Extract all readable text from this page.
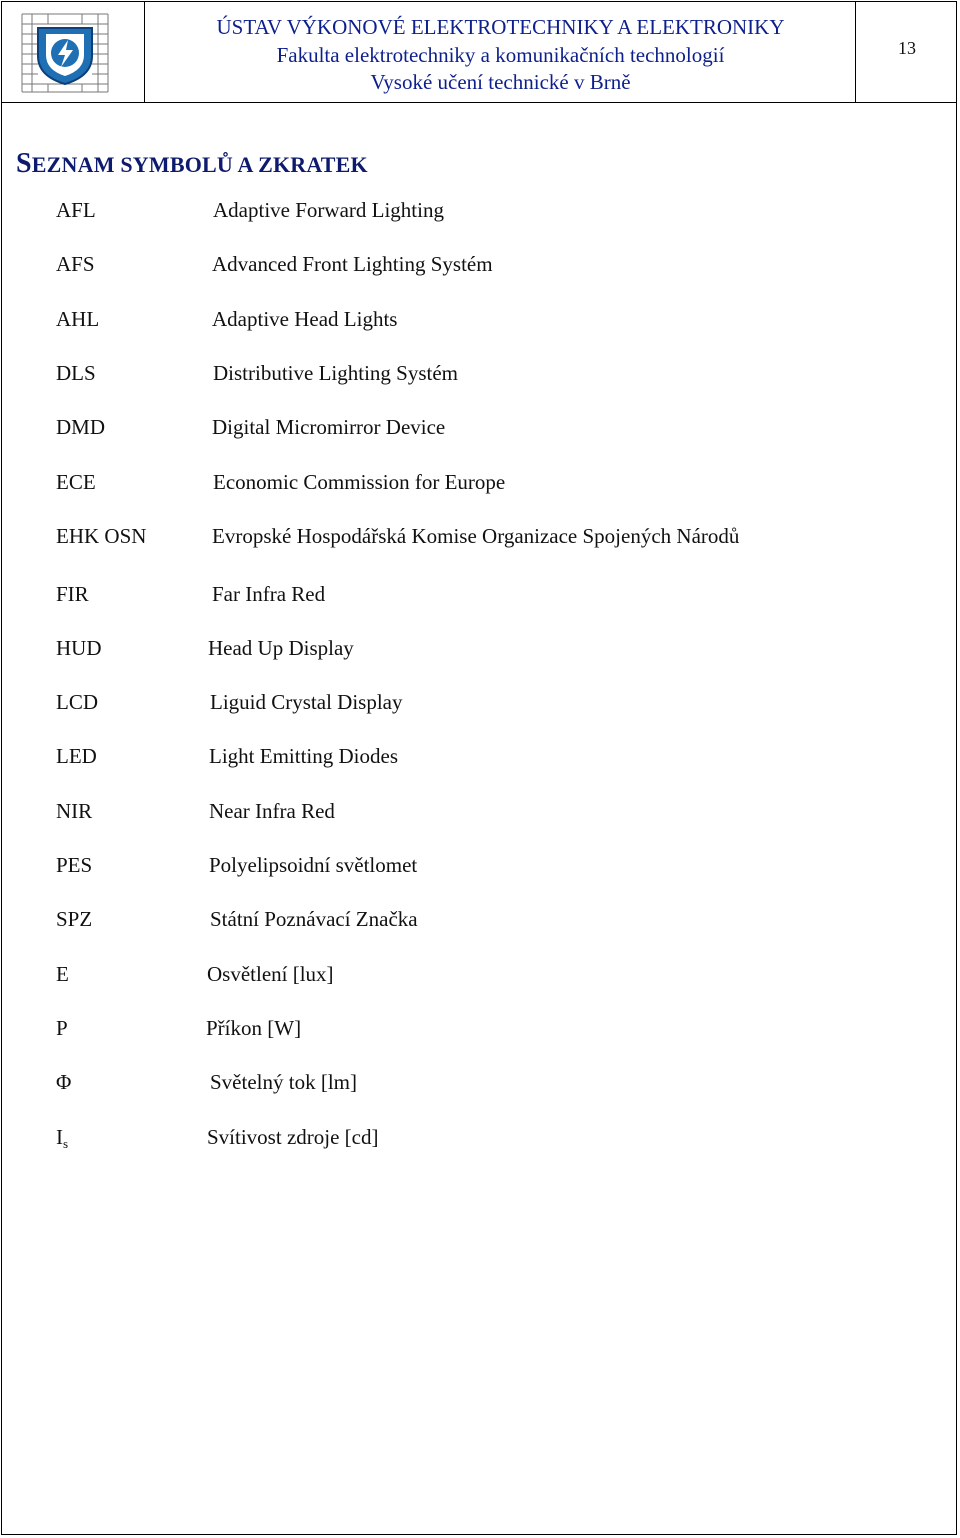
ÚSTAV VÝKONOVÉ ELEKTROTECHNIKY A ELEKTRONIKY
Fakulta elektrotechniky a komunikačních technologií
Vysoké učení technické v Brně
13
SEZNAM SYMBOLŮ A ZKRATEK
AFL	Adaptive Forward Lighting
AFS	Advanced Front Lighting Systém
AHL	Adaptive Head Lights
DLS	Distributive Lighting Systém
DMD	Digital Micromirror Device
ECE	Economic Commission for Europe
EHK OSN	Evropské Hospodářská Komise Organizace Spojených Národů
FIR	Far Infra Red
HUD	Head Up Display
LCD	Liguid Crystal Display
LED	Light Emitting Diodes
NIR	Near Infra Red
PES	Polyelipsoidní světlomet
SPZ	Státní Poznávací Značka
E	Osvětlení [lux]
P	Příkon [W]
Φ	Světelný tok [lm]
$I_s$	Svítivost zdroje [cd]
